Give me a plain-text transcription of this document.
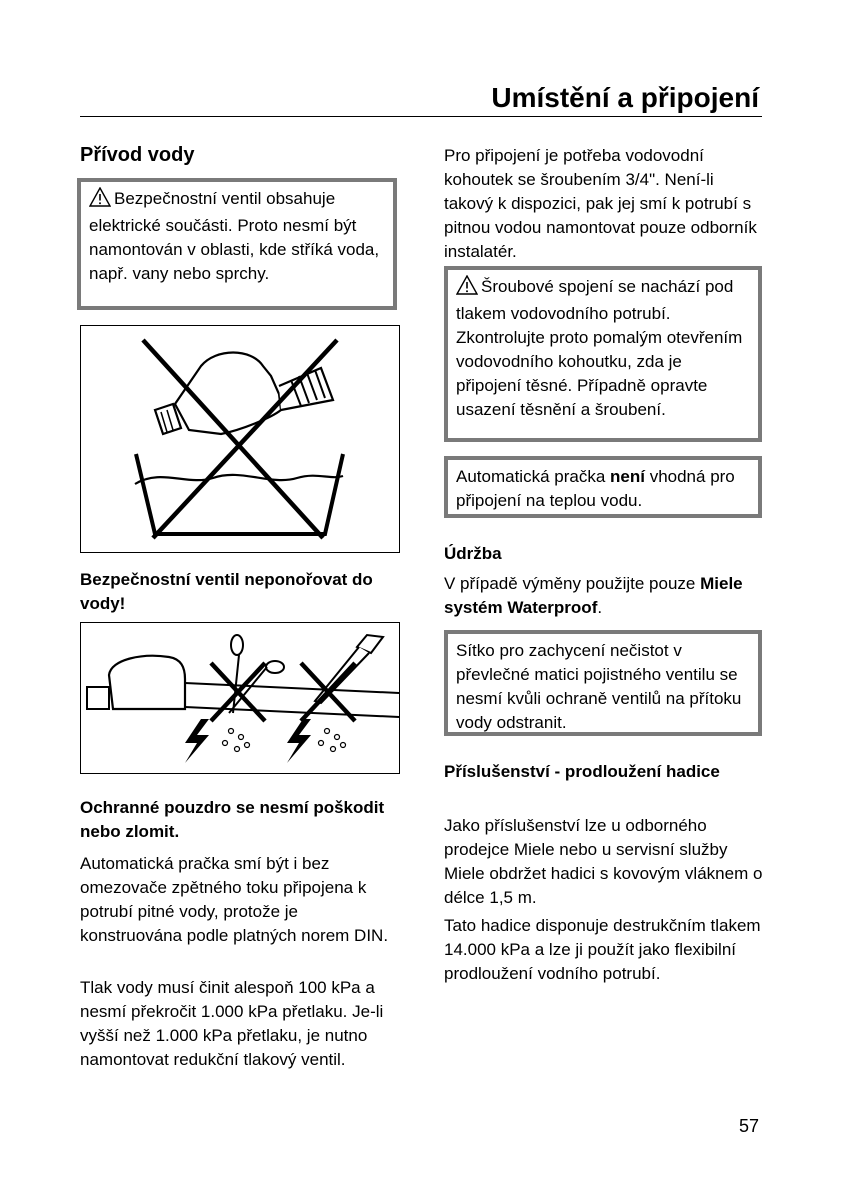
Umístění a připojení
Přívod vody
Bezpečnostní ventil obsahuje elektrické součásti. Proto nesmí být namontován v oblasti, kde stříká voda, např. vany nebo sprchy.

Bezpečnostní ventil neponořovat do vody!

Ochranné pouzdro se nesmí poškodit nebo zlomit.

Automatická pračka smí být i bez omezovače zpětného toku připojena k potrubí pitné vody, protože je konstruována podle platných norem DIN.

Tlak vody musí činit alespoň 100 kPa a nesmí překročit 1.000 kPa přetlaku. Je-li vyšší než 1.000 kPa přetlaku, je nutno namontovat redukční tlakový ventil.

Pro připojení je potřeba vodovodní kohoutek se šroubením 3/4". Není-li takový k dispozici, pak jej smí k potrubí s pitnou vodou namontovat pouze odborník instalatér.

Šroubové spojení se nachází pod tlakem vodovodního potrubí. Zkontrolujte proto pomalým otevřením vodovodního kohoutku, zda je připojení těsné. Případně opravte usazení těsnění a šroubení.
Automatická pračka není vhodná pro připojení na teplou vodu.

Údržba

V případě výměny použijte pouze Miele systém Waterproof.

Sítko pro zachycení nečistot v převlečné matici pojistného ventilu se nesmí kvůli ochraně ventilů na přítoku vody odstranit.

Příslušenství - prodloužení hadice

Jako příslušenství lze u odborného prodejce Miele nebo u servisní služby Miele obdržet hadici s kovovým vláknem o délce 1,5 m.

Tato hadice disponuje destrukčním tlakem 14.000 kPa a lze ji použít jako flexibilní prodloužení vodního potrubí.

57
